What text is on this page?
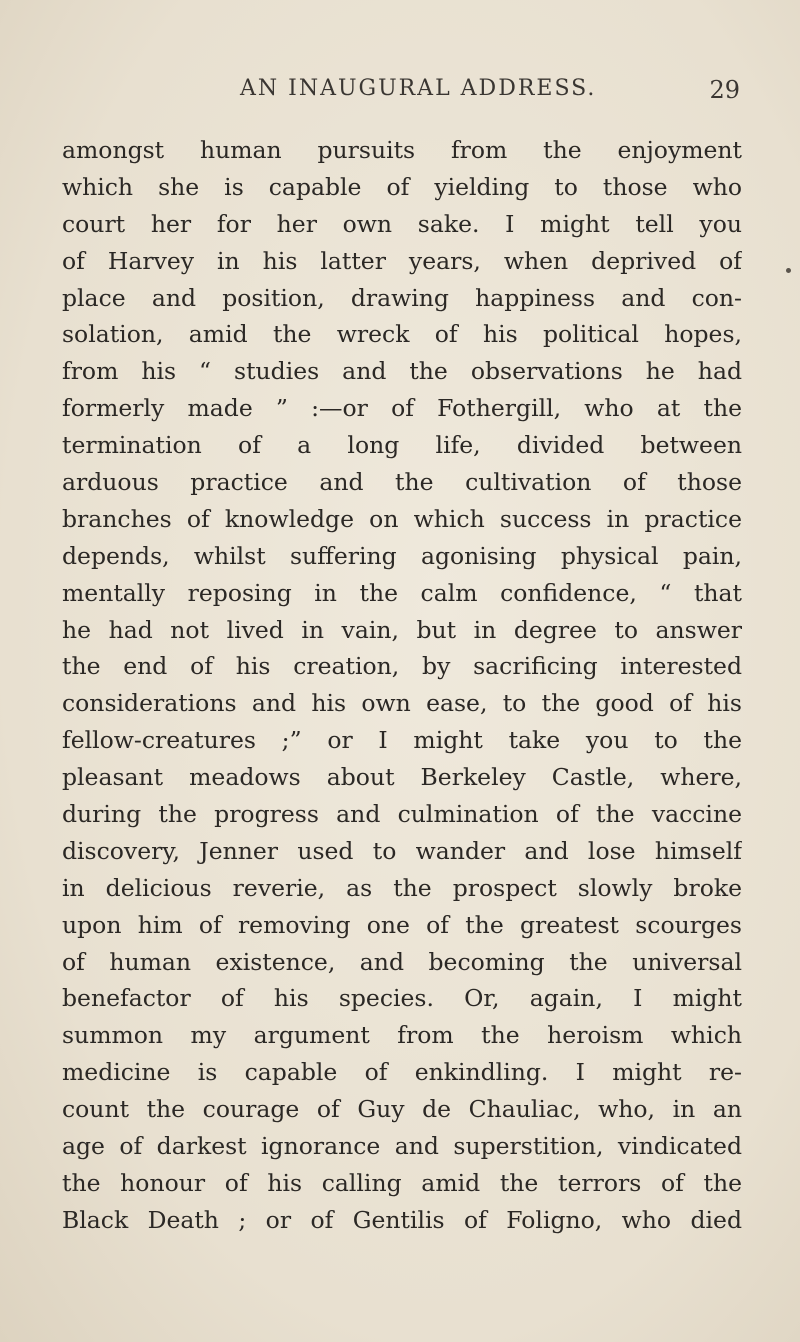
AN INAUGURAL ADDRESS.	29
amongst human pursuits from the enjoyment
which she is capable of yielding to those who
court her for her own sake. I might tell you
of Harvey in his latter years, when deprived of
place and position, drawing happiness and con-
solation, amid the wreck of his political hopes,
from his “ studies and the observations he had
formerly made ” :—or of Fothergill, who at the
termination of a long life, divided between
arduous practice and the cultivation of those
branches of knowledge on which success in practice
depends, whilst suffering agonising physical pain,
mentally reposing in the calm confidence, “ that
he had not lived in vain, but in degree to answer
the end of his creation, by sacrificing interested
considerations and his own ease, to the good of his
fellow-creatures ;” or I might take you to the
pleasant meadows about Berkeley Castle, where,
during the progress and culmination of the vaccine
discovery, Jenner used to wander and lose himself
in delicious reverie, as the prospect slowly broke
upon him of removing one of the greatest scourges
of human existence, and becoming the universal
benefactor of his species. Or, again, I might
summon my argument from the heroism which
medicine is capable of enkindling. I might re-
count the courage of Guy de Chauliac, who, in an
age of darkest ignorance and superstition, vindicated
the honour of his calling amid the terrors of the
Black Death ; or of Gentilis of Foligno, who died
